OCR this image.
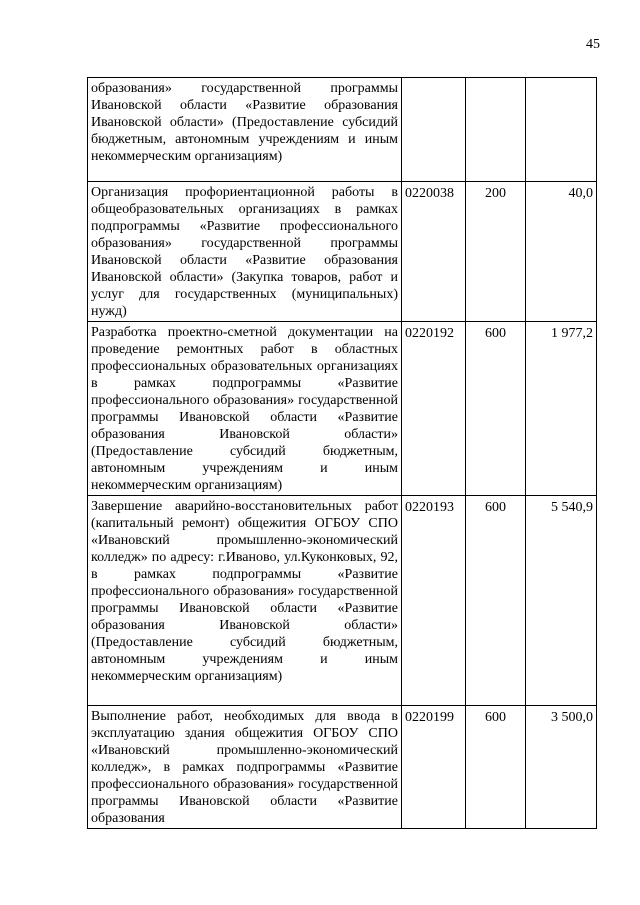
45
образования» государственной программы Ивановской области «Развитие образования Ивановской области» (Предоставление субсидий бюджетным, автономным учреждениям и иным некоммерческим организациям)			
Организация профориентационной работы в общеобразовательных организациях в рамках подпрограммы «Развитие профессионального образования» государственной программы Ивановской области «Развитие образования Ивановской области» (Закупка товаров, работ и услуг для государственных (муниципальных) нужд)	0220038	200	40,0
Разработка проектно-сметной документации на проведение ремонтных работ в областных профессиональных образовательных организациях в рамках подпрограммы «Развитие профессионального образования» государственной программы Ивановской области «Развитие образования Ивановской области» (Предоставление субсидий бюджетным, автономным учреждениям и иным некоммерческим организациям)	0220192	600	1 977,2
Завершение аварийно-восстановительных работ (капитальный ремонт) общежития ОГБОУ СПО «Ивановский промышленно-экономический колледж» по адресу: г.Иваново, ул.Куконковых, 92, в рамках подпрограммы «Развитие профессионального образования» государственной программы Ивановской области «Развитие образования Ивановской области» (Предоставление субсидий бюджетным, автономным учреждениям и иным некоммерческим организациям)	0220193	600	5 540,9
Выполнение работ, необходимых для ввода в эксплуатацию здания общежития ОГБОУ СПО «Ивановский промышленно-экономический колледж», в рамках подпрограммы «Развитие профессионального образования» государственной программы Ивановской области «Развитие образования	0220199	600	3 500,0
